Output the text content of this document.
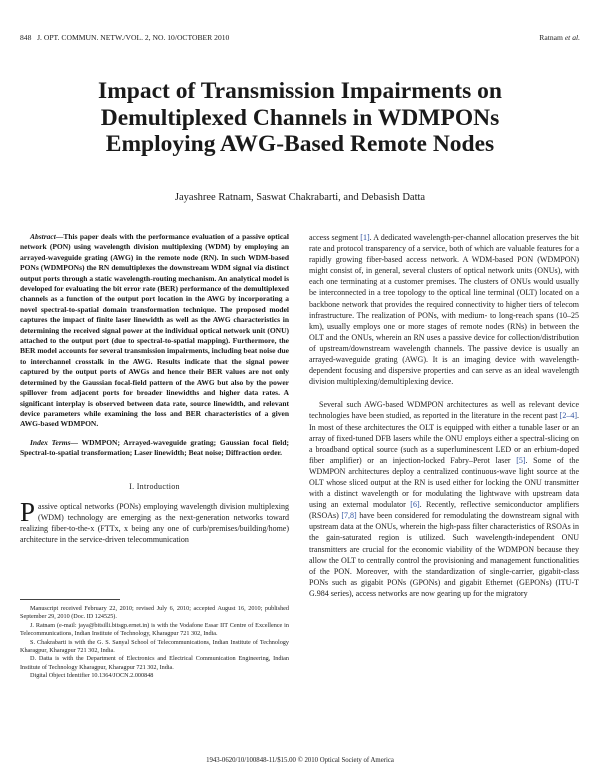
848 J. OPT. COMMUN. NETW./VOL. 2, NO. 10/OCTOBER 2010	Ratnam et al.
Impact of Transmission Impairments on Demultiplexed Channels in WDMPONs Employing AWG-Based Remote Nodes
Jayashree Ratnam, Saswat Chakrabarti, and Debasish Datta

Abstract—This paper deals with the performance evaluation of a passive optical network (PON) using wavelength division multiplexing (WDM) by employing an arrayed-waveguide grating (AWG) in the remote node (RN). In such WDM-based PONs (WDMPONs) the RN demultiplexes the downstream WDM signal via distinct output ports through a static wavelength-routing mechanism. An analytical model is developed for evaluating the bit error rate (BER) performance of the demultiplexed channels as a function of the output port location in the AWG by incorporating a novel spectral-to-spatial domain transformation technique. The proposed model captures the impact of finite laser linewidth as well as the AWG characteristics in determining the received signal power at the individual optical network unit (ONU) attached to the output port (due to spectral-to-spatial mapping). Furthermore, the BER model accounts for several transmission impairments, including beat noise due to interchannel crosstalk in the AWG. Results indicate that the signal power captured by the output ports of AWGs and hence their BER values are not only determined by the Gaussian focal-field pattern of the AWG but also by the power spillover from adjacent ports for broader linewidths and higher data rates. A significant interplay is observed between data rate, source linewidth, and relevant device parameters while examining the loss and BER characteristics of a given AWG-based WDMPON.

Index Terms— WDMPON; Arrayed-waveguide grating; Gaussian focal field; Spectral-to-spatial transformation; Laser linewidth; Beat noise; Diffraction order.

I. Introduction

Passive optical networks (PONs) employing wavelength division multiplexing (WDM) technology are emerging as the next-generation networks toward realizing fiber-to-the-x (FTTx, x being any one of curb/premises/building/home) architecture in the service-driven telecommunication

Manuscript received February 22, 2010; revised July 6, 2010; accepted August 16, 2010; published September 29, 2010 (Doc. ID 124525).

J. Ratnam (e-mail: jaya@bitsilli.bitsgp.ernet.in) is with the Vodafone Essar IIT Centre of Excellence in Telecommunications, Indian Institute of Technology, Kharagpur 721 302, India.

S. Chakrabarti is with the G. S. Sanyal School of Telecommunications, Indian Institute of Technology Kharagpur, Kharagpur 721 302, India.

D. Datta is with the Department of Electronics and Electrical Communication Engineering, Indian Institute of Technology Kharagpur, Kharagpur 721 302, India.

Digital Object Identifier 10.1364/JOCN.2.000848

access segment [1]. A dedicated wavelength-per-channel allocation preserves the bit rate and protocol transparency of a service, both of which are valuable features for a rapidly growing fiber-based access network. A WDM-based PON (WDMPON) might consist of, in general, several clusters of optical network units (ONUs), with each one terminating at a customer premises. The clusters of ONUs would usually be interconnected in a tree topology to the optical line terminal (OLT) located on a backbone network that provides the required connectivity to higher tiers of telecom infrastructure. The realization of PONs, with medium- to long-reach spans (10–25 km), usually employs one or more stages of remote nodes (RNs) in between the OLT and the ONUs, wherein an RN uses a passive device for collection/distribution of upstream/downstream wavelength channels. The passive device is usually an arrayed-waveguide grating (AWG). It is an imaging device with wavelength-dependent focusing and dispersive properties and can serve as an ideal wavelength division multiplexing/demultiplexing device.

Several such AWG-based WDMPON architectures as well as relevant device technologies have been studied, as reported in the literature in the recent past [2–4]. In most of these architectures the OLT is equipped with either a tunable laser or an array of fixed-tuned DFB lasers while the ONU employs either a spectral-slicing on a broadband optical source (such as a superluminescent LED or an erbium-doped fiber amplifier) or an injection-locked Fabry–Perot laser [5]. Some of the WDMPON architectures deploy a centralized continuous-wave light source at the OLT whose sliced output at the RN is used either for locking the ONU transmitter with a distinct wavelength or for modulating the lightwave with upstream data using an external modulator [6]. Recently, reflective semiconductor amplifiers (RSOAs) [7,8] have been considered for remodulating the downstream signal with upstream data at the ONUs, wherein the high-pass filter characteristics of RSOAs in the gain-saturated region is utilized. Such wavelength-independent ONU transmitters are crucial for the economic viability of the WDMPON because they allow the OLT to centrally control the provisioning and management functionalities of the PON. Moreover, with the standardization of single-carrier, gigabit-class PONs such as gigabit PONs (GPONs) and gigabit Ethernet (GEPONs) (ITU-T G.984 series), access networks are now gearing up for the migratory

1943-0620/10/100848-11/$15.00 © 2010 Optical Society of America
